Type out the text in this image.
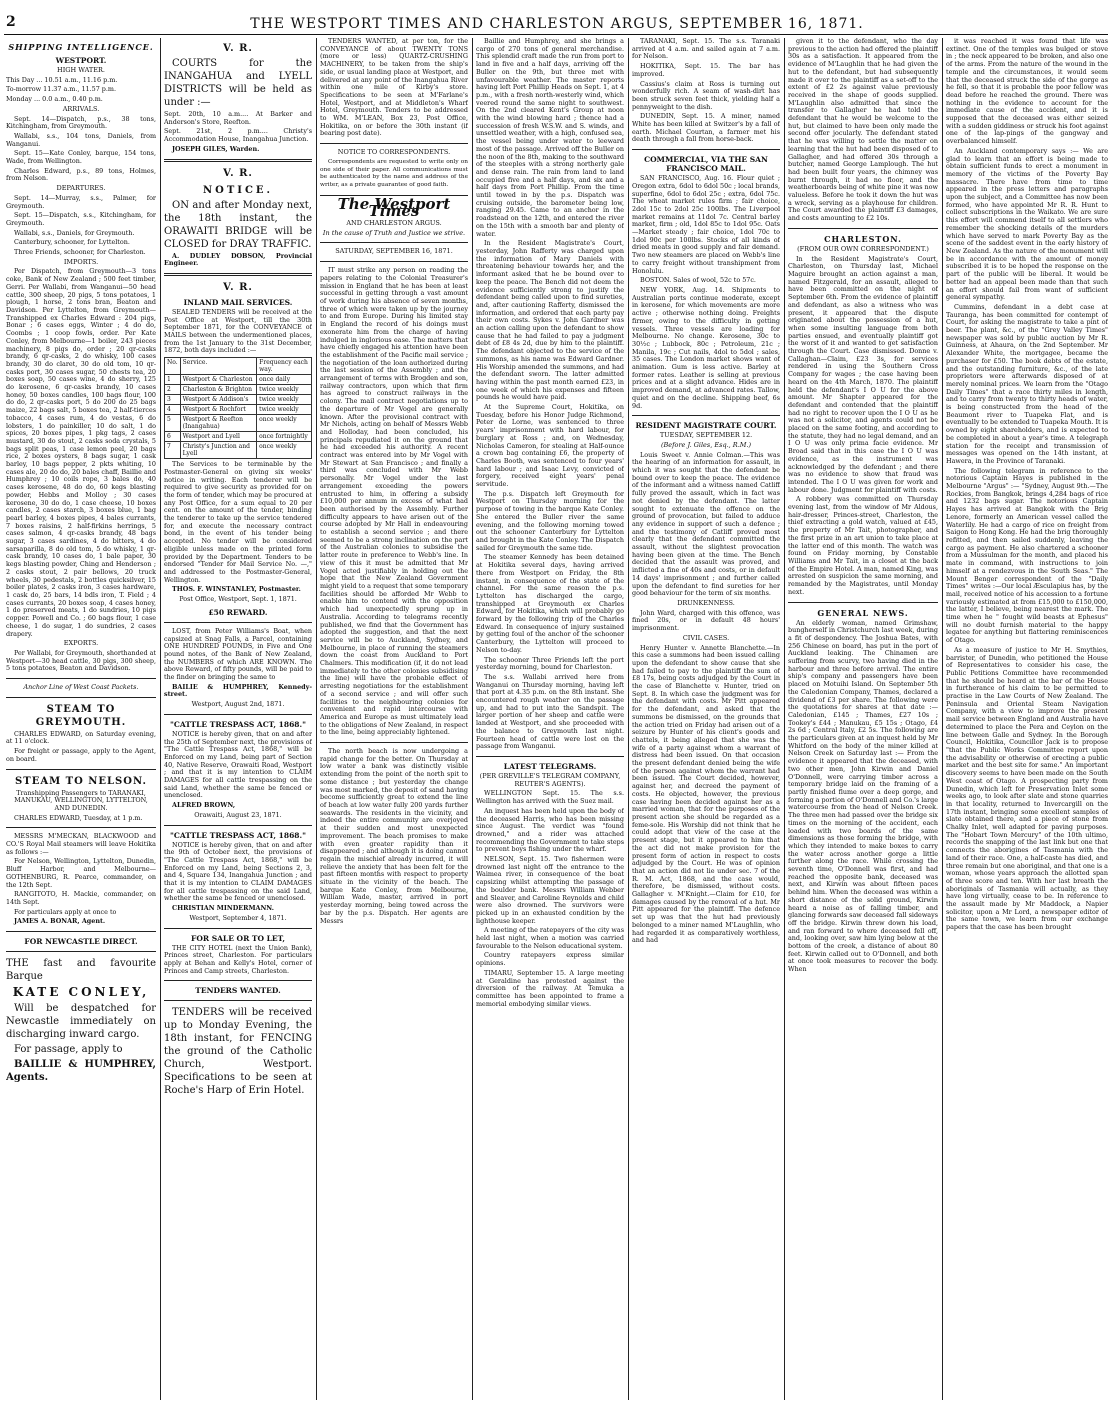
2	THE WESTPORT TIMES AND CHARLESTON ARGUS, SEPTEMBER 16, 1871.
SHIPPING INTELLIGENCE.
WESTPORT.
HIGH WATER.

This Day ... 10.51 a.m., 11.16 p.m.

To-morrow 11.37 a.m., 11.57 p.m.

Monday ... 0.0 a.m., 0.40 p.m.

ARRIVALS.

Sept. 14—Dispatch, p.s., 38 tons, Kitchingham, from Greymouth.

Wallabi, s.s., 104 tons, Daniels, from Wanganui.

Sept. 15—Kate Conley, barque, 154 tons, Wade, from Wellington.

Charles Edward, p.s., 89 tons, Holmes, from Nelson.

DEPARTURES.

Sept. 14—Murray, s.s., Palmer, for Greymouth.

Sept. 15—Dispatch, s.s., Kitchingham, for Greymouth.

Wallabi, s.s., Daniels, for Greymouth.

Canterbury, schooner, for Lyttelton.

Three Friends, schooner, for Charleston.

IMPORTS.

Per Dispatch, from Greymouth—3 tons coke, Bank of New Zealand ; 500 feet timber, Gerri. Per Wallabi, from Wanganui—50 head cattle, 300 sheep, 20 pigs, 5 tons potatoes, 1 plough, 1 horse, 2 tons bran, Beaton and Davidson. Per Lyttelton, from Greymouth—Transhipped ex Charles Edward : 204 pigs, Bonar ; 6 cases eggs, Winter ; 4 do do, Coombs ; 1 coop fowls, order. Per Kate Conley, from Melbourne—1 boiler, 243 pieces machinery, 8 pigs do, order ; 20 qr-casks brandy, 6 qr-casks, 2 do whisky, 100 cases brandy, 30 do claret, 30 do old tom, 10 qr-casks port, 30 cases sugar, 50 chests tea, 20 boxes soap, 50 cases wine, 4 do sherry, 125 do kerosene, 6 qr-casks brandy, 10 cases honey, 50 boxes candles, 100 bags flour, 100 do do, 2 qr-casks port, 5 do 200 do 25 bags maize, 22 bags salt, 5 boxes tea, 2 half-tierces tobacco, 4 cases rum, 4 do vestas, 6 do lobsters, 1 do painkiller, 10 do salt, 1 do spices, 20 boxes pipes, 1 pkg tags, 2 cases mustard, 30 do stout, 2 casks soda crystals, 5 bags split peas, 1 case lemon peel, 20 bags rice, 2 boxes oysters, 8 bags sugar, 1 cask barley, 10 bags pepper, 2 pkts whiting, 10 cases ale, 20 do do, 20 bales chaff, Baillie and Humphrey ; 10 coils rope, 3 bales do, 40 cases kerosene, 48 do do, 60 kegs blasting powder, Hebbs and Molloy ; 30 cases kerosene, 30 do do, 1 case cheese, 10 boxes candles, 2 cases starch, 3 boxes blue, 1 bag pearl barley, 4 boxes pipes, 4 bales currants, 7 boxes raisins, 2 half-firkins herrings, 5 cases salmon, 4 qr-casks brandy, 48 bags sugar, 3 cases sardines, 4 do bitters, 4 do sarsaparilla, 8 do old tom, 5 do whisky, 1 qr-cask brandy, 10 cases do, 1 bale paper, 30 kegs blasting powder, Ching and Henderson ; 2 casks stout, 2 pair bellows, 20 truck wheels, 30 pedestals, 2 bottles quicksilver, 15 boiler plates, 2 casks iron, 3 cases hardware, 1 cask do, 25 bars, 14 bdls iron, T. Field ; 4 cases currants, 20 boxes soap, 4 cases honey, 1 do preserved meats, 1 do sundries, 10 pigs copper. Powell and Co. ; 60 bags flour, 1 case cheese, 1 do sugar, 1 do sundries, 2 cases drapery.

EXPORTS.

Per Wallabi, for Greymouth, shorthanded at Westport—30 head cattle, 30 pigs, 300 sheep, 5 tons potatoes, Beaton and Davidson.

Anchor Line of West Coast Packets.

STEAM TO GREYMOUTH.

CHARLES EDWARD, on Saturday evening, at 11 o'clock.

For freight or passage, apply to the Agent, on board.

STEAM TO NELSON.

Transhipping Passengers to TARANAKI, MANUKAU, WELLINGTON, LYTTELTON, AND DUNEDIN.

CHARLES EDWARD, Tuesday, at 1 p.m.

MESSRS M'MECKAN, BLACKWOOD and CO.'S Royal Mail steamers will leave Hokitika as follows :—

For Nelson, Wellington, Lyttelton, Dunedin, Bluff Harbor, and Melbourne— GOTHENBURG, R. Pearce, commander, on the 12th Sept.

RANGITOTO, H. Mackie, commander, on 14th Sept.

For particulars apply at once to

JAMES A. BONAR, Agent.

FOR NEWCASTLE DIRECT.

THE fast and favourite Barque

KATE CONLEY,

Will be despatched for Newcastle immediately on discharging inward cargo.

For passage, apply to

BAILLIE & HUMPHREY, Agents.

V. R.

COURTS for the INANGAHUA and LYELL DISTRICTS will be held as under :—

Sept. 20th, 10 a.m.... At Barker and Anderson's Store, Reefton.

Sept. 21st, 2 p.m.... Christy's Accommodation House, Inangahua Junction.

JOSEPH GILES, Warden.

V. R.
NOTICE.

ON and after Monday next, the 18th instant, the ORAWAITI BRIDGE will be CLOSED for DRAY TRAFFIC.

A. DUDLEY DOBSON, Provincial Engineer.

V. R.
INLAND MAIL SERVICES.

SEALED TENDERS will be received at the Post Office at Westport, till the 30th September 1871, for the CONVEYANCE of MAILS between the undermentioned places, from the 1st January to the 31st December, 1872, both days included :—

No.	Service.	Frequency each way.
1	Westport & Charleston	once daily
2	Charleston & Brighton	twice weekly
3	Westport & Addison's	twice weekly
4	Westport & Rochfort	twice weekly
5	Westport & Reefton (Inangahua)	once weekly
6	Westport and Lyell	once fortnightly
7	Christy's Junction and Lyell	once weekly

The Services to be terminable by the Postmaster-General on giving six weeks' notice in writing. Each tenderer will be required to give security as provided for on the form of tender, which may be procured at any Post Office, for a sum equal to 20 per cent. on the amount of the tender, binding the tenderer to take up the service tendered for, and execute the necessary contract bond, in the event of his tender being accepted. No tender will be considered eligible unless made on the printed form provided by the Department. Tenders to be endorsed "Tender for Mail Service No. —," and addressed to the Postmaster-General, Wellington.

THOS. F. WINSTANLEY, Postmaster.

Post Office, Westport, Sept. 1, 1871.

£50 REWARD.

LOST, from Peter Williams's Boat, when capsized at Snag Falls, a Parcel, containing ONE HUNDRED POUNDS, in Five and One pound notes, of the Bank of New Zealand, the NUMBERS of which ARE KNOWN. The above Reward, of fifty pounds, will be paid to the finder on bringing the same to

BAILIE & HUMPHREY, Kennedy-street.

Westport, August 2nd, 1871.

"CATTLE TRESPASS ACT, 1868."

NOTICE is hereby given, that on and after the 25th of September next, the provisions of "The Cattle Trespass Act, 1868," will be Enforced on my Land, being part of Section 40, Native Reserve, Orawaiti Road, Westport ; and that it is my intention to CLAIM DAMAGES for all cattle trespassing on the said Land, whether the same be fenced or unenclosed.

ALFRED BROWN,

Orawaiti, August 23, 1871.

"CATTLE TRESPASS ACT, 1868."

NOTICE is hereby given, that on and after the 9th of October next, the provisions of "The Cattle Trespass Act, 1868," will be Enforced on my Land, being Sections 2, 3, and 4, Square 134, Inangahua Junction ; and that it is my intention to CLAIM DAMAGES for all cattle trespassing on the said Land, whether the same be fenced or unenclosed.

CHRISTIAN MINDERMANN.

Westport, September 4, 1871.

FOR SALE OR TO LET,

THE CITY HOTEL (next the Union Bank), Princes street, Charleston. For particulars apply at Behan and Kelly's Hotel, corner of Princes and Camp streets, Charleston.

TENDERS WANTED.

TENDERS will be received up to Monday Evening, the 18th instant, for FENCING the ground of the Catholic Church, Westport. Specifications to be seen at Roche's Harp of Erin Hotel.

TENDERS WANTED, at per ton, for the CONVEYANCE of about TWENTY TONS (more or less) QUARTZ-CRUSHING MACHINERY, to be taken from the ship's side, or usual landing place at Westport, and delivered at any point of the Inangahua River within one mile of Kirby's store. Specifications to be seen at M'Farlane's Hotel, Westport, and at Middleton's Wharf Hotel, Greymouth. Tenders to be addressed to WM. M'LEAN, Box 23, Post Office, Hokitika, on or before the 30th instant (if bearing post date).

NOTICE TO CORRESPONDENTS.

Correspondents are requested to write only on one side of their paper. All communications must be authenticated by the name and address of the writer, as a private guarantee of good faith.

The Westport Times
AND CHARLESTON ARGUS.
In the cause of Truth and Justice we strive.
SATURDAY, SEPTEMBER 16, 1871.

IT must strike any person on reading the papers relating to the Colonial Treasurer's mission in England that he has been at least successful in getting through a vast amount of work during his absence of seven months, three of which were taken up by the journey to and from Europe. During his limited stay in England the record of his doings must exonerate him from the charge of having indulged in inglorious ease. The matters that have chiefly engaged his attention have been the establishment of the Pacific mail service ; the negotiation of the loan authorized during the last session of the Assembly ; and the arrangement of terms with Brogden and son, railway contractors, upon which that firm has agreed to construct railways in the colony. The mail contract negotiations up to the departure of Mr Vogel are generally known. After the provisional contract with Mr Nichols, acting on behalf of Messrs Webb and Holloday, had been concluded, his principals repudiated it on the ground that he had exceeded his authority. A recent contract was entered into by Mr Vogel with Mr Stewart at San Francisco ; and finally a third was concluded with Mr Webb personally. Mr Vogel under the last arrangement exceeding the powers entrusted to him, in offering a subsidy £10,000 per annum in excess of what had been authorised by the Assembly. Further difficulty appears to have arisen out of the course adopted by Mr Hall in endeavouring to establish a second service ; and there seemed to be a strong inclination on the part of the Australian colonies to subsidise the latter route in preference to Webb's line. In view of this it must be admitted that Mr Vogel acted justifiably in holding out the hope that the New Zealand Government might yield to a request that some temporary facilities should be afforded Mr Webb to enable him to contend with the opposition which had unexpectedly sprung up in Australia. According to telegrams recently published, we find that the Government has adopted the suggestion, and that the next service will be to Auckland, Sydney, and Melbourne, in place of running the steamers down the coast from Auckland to Port Chalmers. This modification (if, it do not lead immediately to the other colonies subsidising the line) will have the probable effect of arresting negotiations for the establishment of a second service ; and will offer such facilities to the neighbouring colonies for convenient and rapid intercourse with America and Europe as must ultimately lead to the obligations of New Zealand, in respect to the line, being appreciably lightened.

The north beach is now undergoing a rapid change for the better. On Thursday at low water a bank was distinctly visible extending from the point of the north spit to some distance ; but yesterday the change was most marked, the deposit of sand having become sufficiently great to extend the line of beach at low water fully 200 yards further seawards. The residents in the vicinity, and indeed the entire community are overjoyed at their sudden and most unexpected improvement. The beach promises to make with even greater rapidity than it disappeared ; and although it is doing cannot regain the mischief already incurred, it will relieve the anxiety that has been felt for the past fifteen months with respect to property situate in the vicinity of the beach. The barque Kate Conley, from Melbourne, William Wade, master, arrived in port yesterday morning, being towed across the bar by the p.s. Dispatch. Her agents are Messrs

Baillie and Humphrey, and she brings a cargo of 270 tons of general merchandise. This splendid craft made the run from port to land in five and a half days, arriving off the Buller on the 9th, but three met with unfavourable weather. The master reports having left Port Phillip Heads on Sept. 1, at 4 p.m., with a fresh north-westerly wind, which veered round the same night to southwest. On the 2nd cleared Kent's Group at noon with the wind blowing hard ; thence had a succession of fresh W.S.W. and S. winds, and unsettled weather, with a high, confused sea, the vessel being under water to leeward most of the passage. Arrived off the Buller on the noon of the 8th, making to the southward of the steeples with a strong northerly gale and dense rain. The rain from land to land occupied five and a half days, and six and a half days from Port Phillip. From the time until towed in by the p.s. Dispatch was cruising outside, the barometer being low, ranging 29.45. Came to an anchor in the roadstead on the 12th, and entered the river on the 15th with a smooth bar and plenty of water.

In the Resident Magistrate's Court, yesterday, John Rafferty was charged upon the information of Mary Daniels with threatening behaviour towards her, and the informant asked that he be bound over to keep the peace. The Bench did not deem the evidence sufficiently strong to justify the defendant being called upon to find sureties, and, after cautioning Rafferty, dismissed the information, and ordered that each party pay their own costs. Sykes v. John Gardner was an action calling upon the defendant to show cause that he had failed to pay a judgment debt of £8 4s 2d, due by him to the plaintiff. The defendant objected to the service of the summons, as his name was Edward Gardner. His Worship amended the summons, and had the defendant sworn. The latter admitted having within the past month earned £23, in one week of which his expenses and fifteen pounds he would have paid.

At the Supreme Court, Hokitika, on Tuesday, before his Honor Judge Richmond, Peter de Lorne, was sentenced to three years' imprisonment with hard labour, for burglary at Ross ; and, on Wednesday, Nicholas Cameron, for stealing at Half-ounce a crown bag containing £6, the property of Charles Booth, was sentenced to four years' hard labour ; and Isaac Levy, convicted of forgery, received eight years' penal servitude.

The p.s. Dispatch left Greymouth for Westport on Thursday morning for the purpose of towing in the barque Kate Conley. She entered the Buller river the same evening, and the following morning towed out the schooner Canterbury for Lyttelton and brought in the Kate Conley. The Dispatch sailed for Greymouth the same tide.

The steamer Kennedy has been detained at Hokitika several days, having arrived there from Westport on Friday, the 8th instant, in consequence of the state of the channel. For the same reason the p.s. Lyttelton has discharged the cargo, transhipped at Greymouth ex Charles Edward, for Hokitika, which will probably go forward by the following trip of the Charles Edward. In consequence of injury sustained by getting foul of the anchor of the schooner Canterbury, the Lyttelton will proceed to Nelson to-day.

The schooner Three Friends left the port yesterday morning, bound for Charleston.

The s.s. Wallabi arrived here from Wanganui on Thursday morning, having left that port at 4.35 p.m. on the 8th instant. She encountered rough weather on the passage up, and had to put into the Sandspit. The larger portion of her sheep and cattle were landed at Westport, and she proceeded with the balance to Greymouth last night. Fourteen head of cattle were lost on the passage from Wanganui.

LATEST TELEGRAMS.
(PER GREVILLE'S TELEGRAM COMPANY, REUTER'S AGENTS).

WELLINGTON Sept. 15. The s.s. Wellington has arrived with the Suez mail.

An inquest has been held upon the body of the deceased Harris, who has been missing since August. The verdict was "found drowned," and a rider was attached recommending the Government to take steps to prevent boys fishing under the wharf.

NELSON, Sept. 15. Two fishermen were drowned last night off the entrance to the Waimea river, in consequence of the boat capsizing whilst attempting the passage of the boulder bank. Messrs William Webber and Sleaver, and Caroline Reynolds and child were also drowned. The survivors were picked up in an exhausted condition by the lighthouse keeper.

A meeting of the ratepayers of the city was held last night, when a motion was carried favourable to the Nelson educational system.

Country ratepayers express similar opinions.

TIMARU, September 15. A large meeting at Geraldine has protested against the diversion of the railway. At Temuka a committee has been appointed to frame a memorial embodying similar views.

TARANAKI, Sept. 15. The s.s. Taranaki arrived at 4 a.m. and sailed again at 7 a.m. for Nelson.

HOKITIKA, Sept. 15. The bar has improved.

Cassius's claim at Ross is turning out wonderfully rich. A seam of wash-dirt has been struck seven feet thick, yielding half a pennyweight to the dish.

DUNEDIN, Sept. 15. A miner, named White has been killed at Switzer's by a fall of earth. Michael Courtan, a farmer met his death through a fall from horse-back.

COMMERCIAL, VIA THE SAN FRANCISCO MAIL.

SAN FRANCISCO, Aug. 16. Flour quiet ; Oregon extra, 6dol to 6dol 50c ; local brands, superfine, 6dol to 6dol 25c ; extra, 6dol 75c. The wheat market rules firm ; fair choice, 2dol 15c to 2dol 25c 100lbs. The Liverpool market remains at 11dol 7c. Central barley market, firm ; old, 1dol 85c to 1dol 95c. Oats—Market steady ; fair choice, 1dol 70c to 1dol 90c per 100lbs. Stocks of all kinds of dried meats in good supply and fair demand. Two new steamers are placed on Webb's line to carry freight without transhipment from Honolulu.

BOSTON. Sales of wool, 52c to 57c.

NEW YORK, Aug. 14. Shipments to Australian ports continue moderate, except in kerosene, for which movements are more active ; otherwise nothing doing. Freights firmer, owing to the difficulty in getting vessels. Three vessels are loading for Melbourne. No change. Kerosene, 30c to 30½c ; Lubbock, 80c ; Petroleum, 21c ; Manila, 19c ; Cut nails, 4dol to 5dol ; sales, 35 cases. The London market shows want of animation. Gum is less active. Barley at former rates. Leather is selling at previous prices and at a slight advance. Hides are in improved demand, at advanced rates. Tallow, quiet and on the decline. Shipping beef, 6s 9d.

RESIDENT MAGISTRATE COURT.
TUESDAY, SEPTEMBER 12.
(Before J. Giles, Esq., R.M.)

Louis Sweet v. Annie Colman.—This was the hearing of an information for assault, in which it was sought that the defendant be bound over to keep the peace. The evidence of the informant and a witness named Catliff fully proved the assault, which in fact was not denied by the defendant. The latter sought to extenuate the offence on the ground of provocation, but failed to adduce any evidence in support of such a defence ; and the testimony of Catliff proved most clearly that the defendant committed the assault, without the slightest provocation having been given at the time. The Bench decided that the assault was proved, and inflicted a fine of 40s and costs, or in default 14 days' imprisonment ; and further called upon the defendant to find sureties for her good behaviour for the term of six months.

DRUNKENNESS.

John Ward, charged with this offence, was fined 20s, or in default 48 hours' imprisonment.

CIVIL CASES.

Henry Hunter v. Annette Blanchette.—In this case a summons had been issued calling upon the defendant to show cause that she had failed to pay to the plaintiff the sum of £8 17s, being costs adjudged by the Court in the case of Blanchette v. Hunter, tried on Sept. 8. In which case the judgment was for the defendant with costs. Mr Pitt appeared for the defendant, and asked that the summons be dismissed, on the grounds that the action tried on Friday had arisen out of a seizure by Hunter of his client's goods and chattels, it being alleged that she was the wife of a party against whom a warrant of distress had been issued. On that occasion the present defendant denied being the wife of the person against whom the warrant had been issued. The Court decided, however, against her, and decreed the payment of costs. He objected, however, the previous case having been decided against her as a married woman, that for the purposes of the present action she should be regarded as a feme-sole. His Worship did not think that he could adopt that view of the case at the present stage, but it appeared to him that the act did not make provision for the present form of action in respect to costs adjudged by the Court. He was of opinion that an action did not lie under sec. 7 of the R. M. Act, 1868, and the case would, therefore, be dismissed, without costs. Gallagher v. M'Knight.—Claim for £10, for damages caused by the removal of a hut. Mr Pitt appeared for the plaintiff. The defence set up was that the hut had previously belonged to a miner named M'Laughlin, who had regarded it as comparatively worthless, and had

given it to the defendant, who the day previous to the action had offered the plaintiff 30s as a satisfaction. It appeared from the evidence of M'Laughlin that he had given the hut to the defendant, but had subsequently made it over to the plaintiff as a set-off to the extent of £2 2s against value previously received in the shape of goods supplied. M'Laughlin also admitted that since the transfer to Gallagher he had told the defendant that he would be welcome to the hut, but claimed to have been only made the second offer jocularly. The defendant stated that he was willing to settle the matter on learning that the hut had been disposed of to Gallagher, and had offered 30s through a butcher, named George Lamplough. The hut had been built four years, the chimney was burnt through, it had no floor, and the weatherboards being of white pine it was now valueless. Before he took it down the hut was a wreck, serving as a playhouse for children. The Court awarded the plaintiff £3 damages, and costs amounting to £2 10s.

CHARLESTON.
(FROM OUR OWN CORRESPONDENT.)

In the Resident Magistrate's Court, Charleston, on Thursday last, Michael Maguire brought an action against a man, named Fitzgerald, for an assault, alleged to have been committed on the night of September 6th. From the evidence of plaintiff and defendant, as also a witness who was present, it appeared that the dispute originated about the possession of a hut, when some insulting language from both parties ensued, and eventually plaintiff got the worst of it and wanted to get satisfaction through the Court. Case dismissed. Donne v. Callaghan—Claim, £23 3s, for services rendered in using the Southern Cross Company for wages ; the case having been heard on the 4th March, 1870. The plaintiff held the defendant's I O U for the above amount. Mr Shapter appeared for the defendant and contended that the plaintiff had no right to recover upon the I O U as he was not a solicitor, and agents could not be placed on the same footing, and according to the statute, they had no legal demand, and an I O U was only prima facie evidence. Mr Broad said that in this case the I O U was evidence, as the instrument was acknowledged by the defendant ; and there was no evidence to show that fraud was intended. The I O U was given for work and labour done. Judgment for plaintiff with costs.

A robbery was committed on Thursday evening last, from the window of Mr Aldous, hair-dresser, Princes-street, Charleston, the thief extracting a gold watch, valued at £45, the property of Mr Tait, photographer, and the first prize in an art union to take place at the latter end of this month. The watch was found on Friday morning, by Constable Williams and Mr Tait, in a closet at the back of the Empire Hotel. A man, named King, was arrested on suspicion the same morning, and remanded by the Magistrates, until Monday next.

GENERAL NEWS.

An elderly woman, named Grimshaw, bungherself in Christchurch last week, during a fit of despondency. The Joshua Bates, with 256 Chinese on board, has put in the port of Auckland leaking. The Chinamen are suffering from scurvy, two having died in the harbour and three before arrival. The entire ship's company and passengers have been placed on Motuihi Island. On September 5th the Caledonian Company, Thames, declared a dividend of £3 per share. The following were the quotations for shares at that date :—Caledonian, £145 ; Thames, £27 10s ; Tookey's £44 ; Manukau, £5 15s ; Otago, £4 2s 6d ; Central Italy, £2 5s. The following are the particulars given at an inquest held by Mr Whitford on the body of the miner killed at Nelson Creek on Saturday last :— From the evidence it appeared that the deceased, with two other men, John Kirwin and Daniel O'Donnell, were carrying timber across a temporary bridge laid on the framing of a partly finished flume over a deep gorge, and forming a portion of O'Donnell and Co.'s large watercourse from the head of Nelson Creek. The three men had passed over the bridge six times on the morning of the accident, each loaded with two boards of the same dimensions as those forming the bridge, with which they intended to make boxes to carry the water across another gorge a little further along the race. While crossing the seventh time, O'Donnell was first, and had reached the opposite bank, deceased was next, and Kirwin was about fifteen paces behind him. When the deceased was within a short distance of the solid ground, Kirwin heard a noise as of falling timber, and glancing forwards saw deceased fall sideways off the bridge. Kirwin threw down his load, and ran forward to where deceased fell off, and, looking over, saw him lying below at the bottom of the creek, a distance of about 80 feet. Kirwin called out to O'Donnell, and both at once took measures to recover the body. When

it was reached it was found that life was extinct. One of the temples was bulged or stove in ; the neck appeared to be broken, and also one of the arms. From the nature of the wound in the temple and the circumstances, it would seem that the deceased struck the side of the gorge as he fell, so that it is probable the poor fellow was dead before he reached the ground. There was nothing in the evidence to account for the immediate cause of the accident, and it is supposed that the deceased was either seized with a sudden giddiness or struck his foot against one of the lap-pings of the gangway and overbalanced himself.

An Auckland contemporary says :— We are glad to learn that an effort is being made to obtain sufficient funds to erect a monument in memory of the victims of the Poverty Bay massacre. There have from time to time appeared in the press letters and paragraphs upon the subject, and a Committee has now been formed, who have appointed Mr R. R. Hunt to collect subscriptions in the Waikato. We are sure this effort will commend itself to all settlers who remember the shocking details of the murders which have served to mark Poverty Bay as the scene of the saddest event in the early history of New Zealand. As the nature of the monument will be in accordance with the amount of money subscribed it is to be hoped the response on the part of the public will be liberal. It would be better had an appeal been made than that such an effort should fail from want of sufficient general sympathy.

Cummins, defendant in a debt case at Tauranga, has been committed for contempt of Court, for asking the magistrate to take a pint of beer. The plant, &c., of the "Grey Valley Times" newspaper was sold by public auction by Mr R. Guinness, at Ahaura, on the 2nd September. Mr Alexander White, the mortgagee, became the purchaser for £50. The book debts of the estate, and the outstanding furniture, &c., of the late proprietors were afterwards disposed of at merely nominal prices. We learn from the "Otago Daily Times" that a race thirty miles in length, and to carry from twenty to thirty heads of water, is being constructed from the head of the Beaumont river to Tuapeka Flat, and is eventually to be extended to Tuapeka Mouth. It is owned by eight shareholders, and is expected to be completed in about a year's time. A telegraph station for the receipt and transmission of messages was opened on the 14th instant, at Hawera, in the Province of Taranaki.

The following telegram in reference to the notorious Captain Hayes is published in the Melbourne "Argus" :— "Sydney, August 9th.—The Rockies, from Bangkok, brings 4,284 bags of rice and 1232 bags sugar. The notorious Captain Hayes has arrived at Bangkok with the Brig Lenore, formerly an American vessel called the Waterlily. He had a cargo of rice on freight from Saigon to Hong Kong. He had the brig thoroughly refitted, and then sailed suddenly, leaving the cargo as payment. He also chartered a schooner from a Mussulman for the month, and placed his mate in command, with instructions to join himself at a rendezvous in the South Seas." The Mount Benger correspondent of the "Daily Times" writes :—Our local Æsculapius has, by the mail, received notice of his accession to a fortune variously estimated at from £15,000 to £150,000, the latter, I believe, being nearest the mark. The time when he " fought wild beasts at Ephesus" will no doubt furnish material to the happy legatee for anything but flattering reminiscences of Otago.

As a measure of justice to Mr H. Smythies, barrister, of Dunedin, who petitioned the House of Representatives to consider his case, the Public Petitions Committee have recommended that he should be heard at the bar of the House in furtherance of his claim to be permitted to practise in the Law Courts of New Zealand. The Peninsula and Oriental Steam Navigation Company, with a view to improve the present mail service between England and Australia have determined to place the Pera and Ceylon on the line between Galle and Sydney. In the Borough Council, Hokitika, Councillor Jack is to propose "that the Public Works Committee report upon the advisability or otherwise of erecting a public market and the best site for same." An important discovery seems to have been made on the South West coast of Otago. A prospecting party from Dunedin, which left for Preservation Inlet some weeks ago, to look after slate and stone quarries in that locality, returned to Invercargill on the 17th instant, bringing some excellent samples of slate obtained there, and a piece of stone from Chalky Inlet, well adapted for paving purposes. The "Hobart Town Mercury" of the 10th ultimo, records the snapping of the last link but one that connects the aborigines of Tasmania with the land of their race. One, a half-caste has died, and three remain but one aboriginal, and that one is a woman, whose years approach the allotted span of three score and ten. With her last breath the aboriginals of Tasmania will actually, as they have long virtually, cease to be. In reference to the assault made by Mr Maddock, a Napier solicitor, upon a Mr Lord, a newspaper editor of the same town, we learn from our exchange papers that the case has been brought
